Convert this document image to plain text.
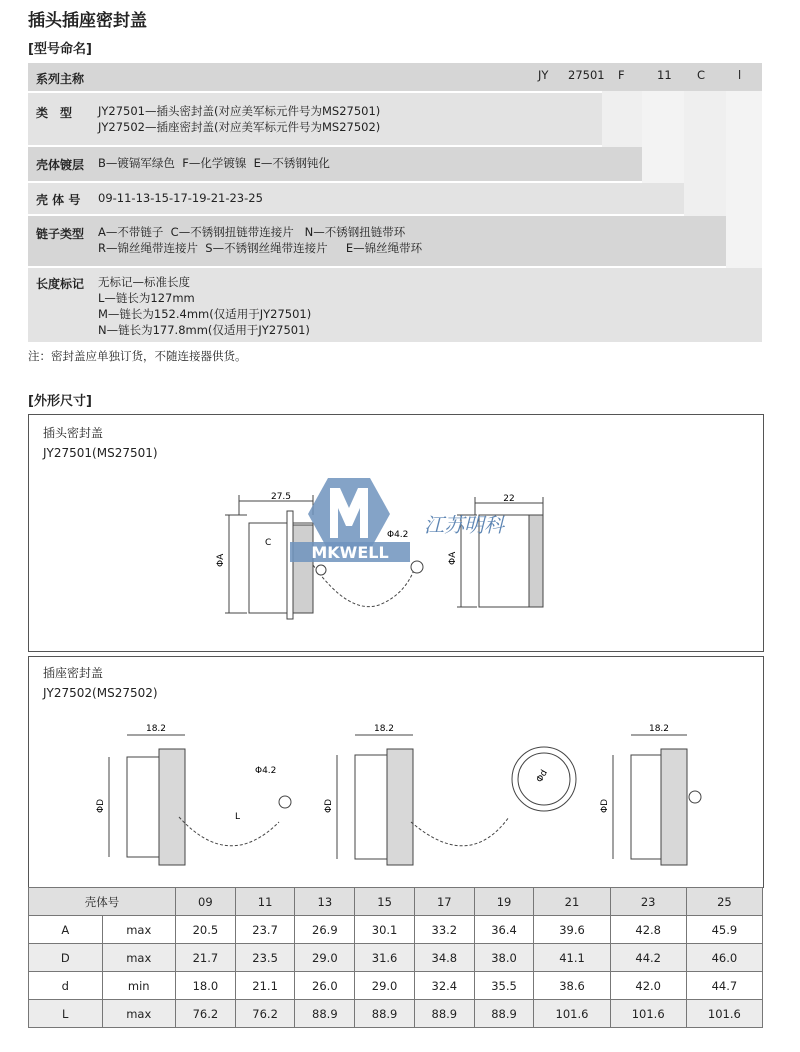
插头插座密封盖
[型号命名]
系列主称	JY 27501 F	11 C	l
类　型 JY27501—插头密封盖(对应美军标元件号为MS27501)
JY27502—插座密封盖(对应美军标元件号为MS27502)
壳体镀层 B—镀镉军绿色  F—化学镀镍  E—不锈钢钝化
壳 体 号 09-11-13-15-17-19-21-23-25
链子类型 A—不带链子  C—不锈钢扭链带连接片   N—不锈钢扭链带环
R—锦丝绳带连接片  S—不锈钢丝绳带连接片     E—锦丝绳带环
长度标记 无标记—标准长度
L—链长为127mm
M—链长为152.4mm(仅适用于JY27501)
N—链长为177.8mm(仅适用于JY27501)
注：密封盖应单独订货，不随连接器供货。
[外形尺寸]
27.5	22
Φ4.2
ΦA	ΦA
C
插头密封盖
JY27501(MS27501)
18.2	18.2	18.2
Φ4.2
ΦD	ΦD	ΦD
Φd
L
插座密封盖
JY27502(MS27502)
MKWELL
江苏明科
壳体号		09	11	13	15	17	19	21	23	25
A	max	20.5	23.7	26.9	30.1	33.2	36.4	39.6	42.8	45.9
D	max	21.7	23.5	29.0	31.6	34.8	38.0	41.1	44.2	46.0
d	min	18.0	21.1	26.0	29.0	32.4	35.5	38.6	42.0	44.7
L	max	76.2	76.2	88.9	88.9	88.9	88.9	101.6	101.6	101.6
